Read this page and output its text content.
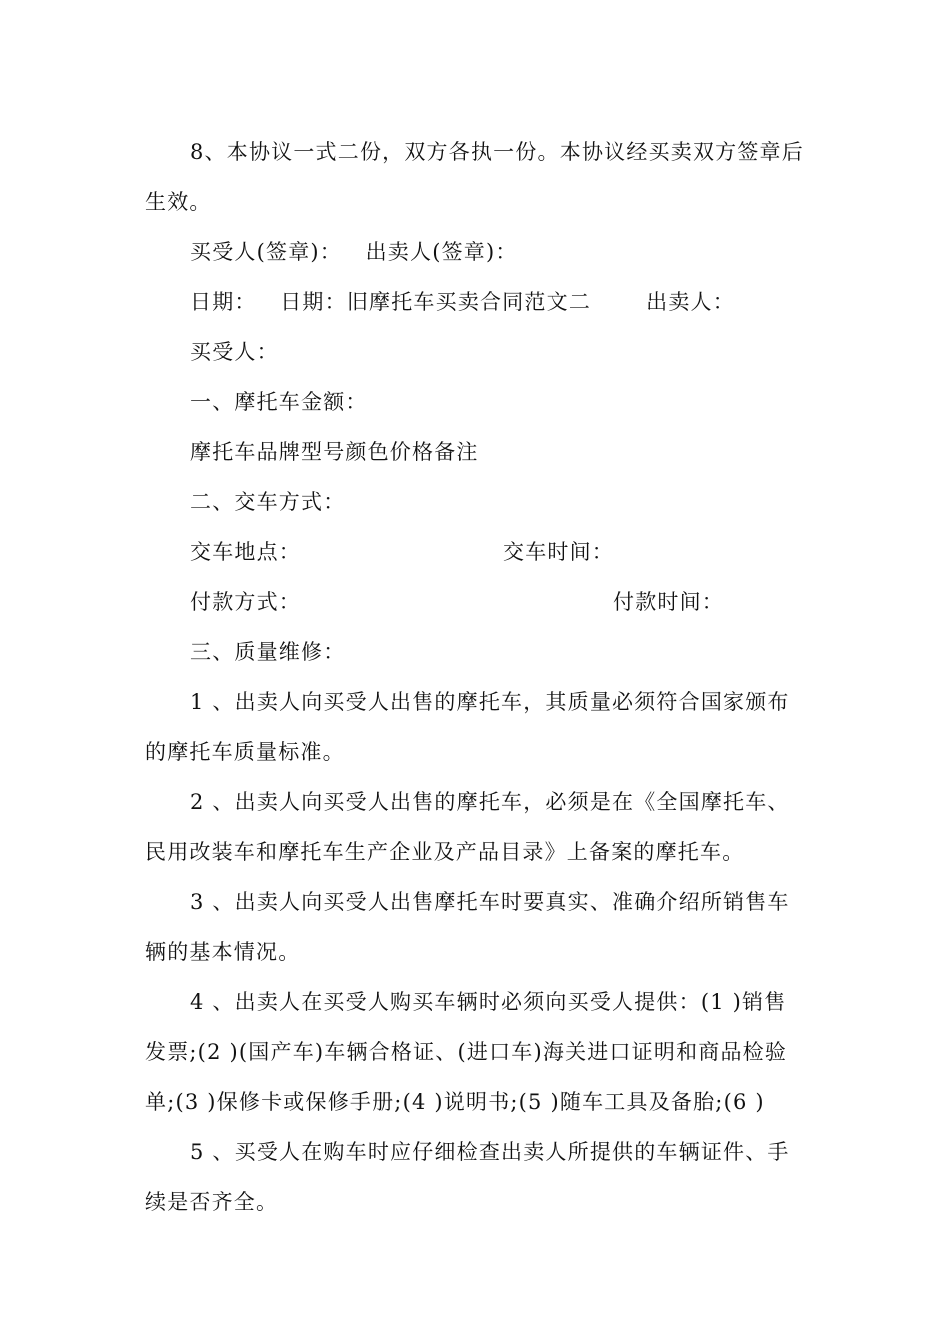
8、本协议一式二份，双方各执一份。本协议经买卖双方签章后
生效。
买受人(签章)：   出卖人(签章)：
日期：   日期：旧摩托车买卖合同范文二       出卖人：
买受人：
一、摩托车金额：
摩托车品牌型号颜色价格备注
二、交车方式：
交车地点：	交车时间：
付款方式：	付款时间：
三、质量维修：
1 、出卖人向买受人出售的摩托车，其质量必须符合国家颁布
的摩托车质量标准。
2 、出卖人向买受人出售的摩托车，必须是在《全国摩托车、
民用改装车和摩托车生产企业及产品目录》上备案的摩托车。
3 、出卖人向买受人出售摩托车时要真实、准确介绍所销售车
辆的基本情况。
4 、出卖人在买受人购买车辆时必须向买受人提供：(1 )销售
发票;(2 )(国产车)车辆合格证、(进口车)海关进口证明和商品检验
单;(3 )保修卡或保修手册;(4 )说明书;(5 )随车工具及备胎;(6 )
5 、买受人在购车时应仔细检查出卖人所提供的车辆证件、手
续是否齐全。
